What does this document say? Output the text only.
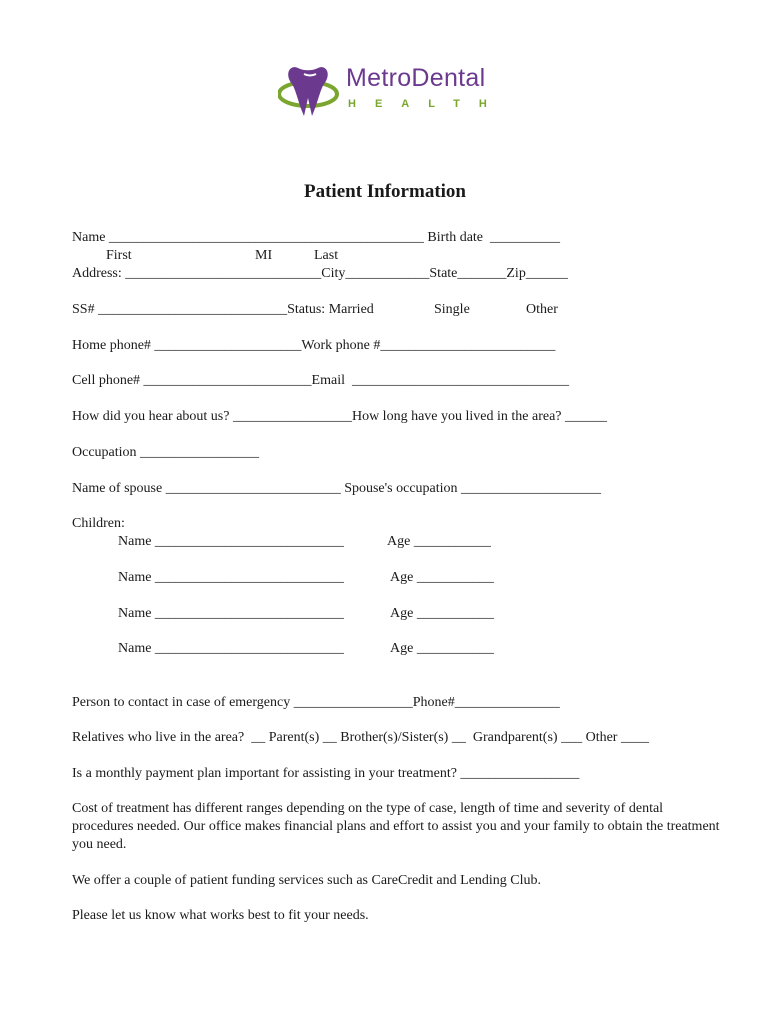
MetroDental
HEALTH
Patient Information
Name _____________________________________________ Birth date  __________
First	MI	Last
Address: ____________________________City____________State_______Zip______
SS# ___________________________Status: Married	Single	Other
Home phone# _____________________Work phone #_________________________
Cell phone# ________________________Email  _______________________________
How did you hear about us? _________________How long have you lived in the area? ______
Occupation _________________
Name of spouse _________________________ Spouse's occupation ____________________
Children:
Name ___________________________	Age ___________
Name ___________________________	Age ___________
Name ___________________________	Age ___________
Name ___________________________	Age ___________
Person to contact in case of emergency _________________Phone#_______________
Relatives who live in the area?  __ Parent(s) __ Brother(s)/Sister(s) __  Grandparent(s) ___ Other ____
Is a monthly payment plan important for assisting in your treatment? _________________
Cost of treatment has different ranges depending on the type of case, length of time and severity of dental procedures needed. Our office makes financial plans and effort to assist you and your family to obtain the treatment you need.
We offer a couple of patient funding services such as CareCredit and Lending Club.
Please let us know what works best to fit your needs.
